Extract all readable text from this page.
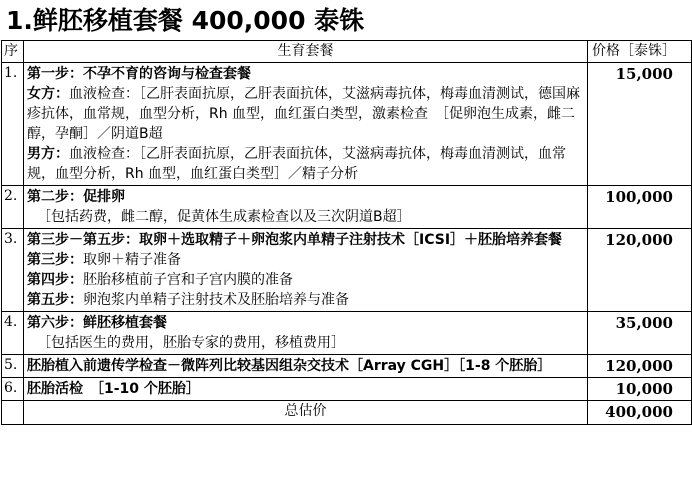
1.鲜胚移植套餐 400,000 泰铢
序	生育套餐	价格［泰铢］
1.	第一步：不孕不育的咨询与检查套餐
女方：血液检查：［乙肝表面抗原，乙肝表面抗体，艾滋病毒抗体，梅毒血清测试，德国麻疹抗体，血常规，血型分析，Rh 血型，血红蛋白类型，激素检查　［促卵泡生成素，雌二醇，孕酮］／阴道B超
男方：血液检查：［乙肝表面抗原，乙肝表面抗体，艾滋病毒抗体，梅毒血清测试，血常规，血型分析，Rh 血型，血红蛋白类型］／精子分析	15,000
2.	第二步：促排卵
［包括药费，雌二醇，促黄体生成素检查以及三次阴道B超］	100,000
3.	第三步－第五步：取卵＋选取精子＋卵泡浆内单精子注射技术［ICSI］＋胚胎培养套餐
第三步：取卵＋精子准备
第四步：胚胎移植前子宫和子宫内膜的准备
第五步：卵泡浆内单精子注射技术及胚胎培养与准备	120,000
4.	第六步：鲜胚移植套餐
［包括医生的费用，胚胎专家的费用，移植费用］	35,000
5.	胚胎植入前遗传学检查－微阵列比较基因组杂交技术［Array CGH］［1-8 个胚胎］	120,000
6.	胚胎活检　［1-10 个胚胎］	10,000
	总估价	400,000
